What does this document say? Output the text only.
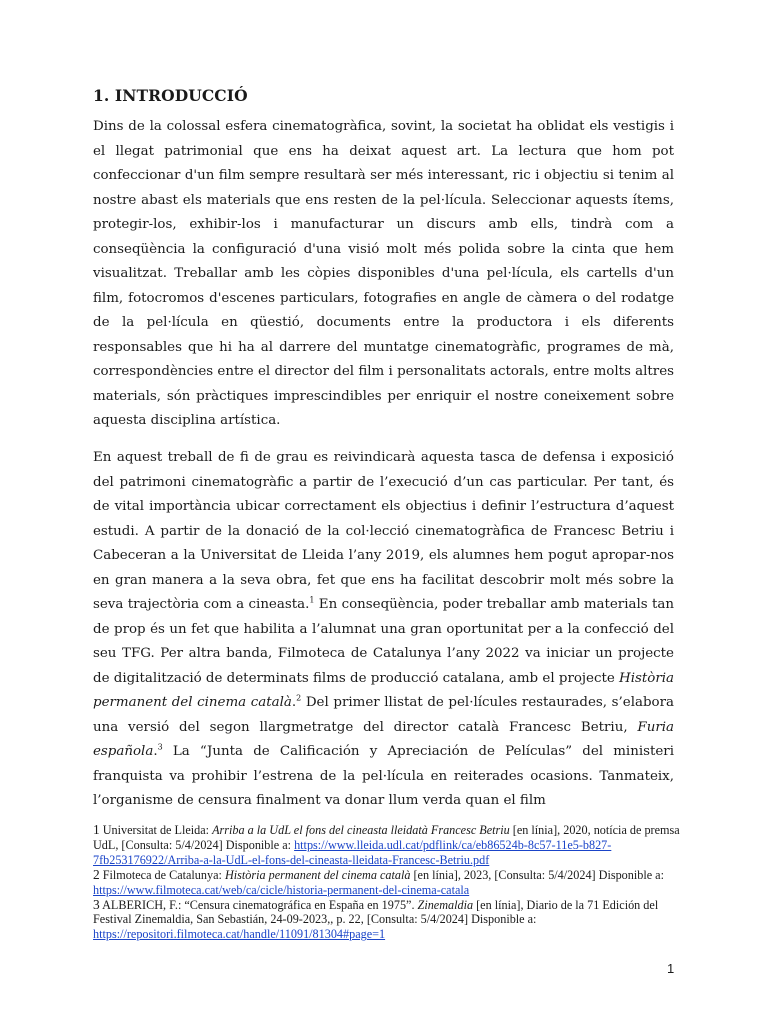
1. INTRODUCCIÓ
Dins de la colossal esfera cinematogràfica, sovint, la societat ha oblidat els vestigis i el llegat patrimonial que ens ha deixat aquest art. La lectura que hom pot confeccionar d'un film sempre resultarà ser més interessant, ric i objectiu si tenim al nostre abast els materials que ens resten de la pel·lícula. Seleccionar aquests ítems, protegir-los, exhibir-los i manufacturar un discurs amb ells, tindrà com a conseqüència la configuració d'una visió molt més polida sobre la cinta que hem visualitzat. Treballar amb les còpies disponibles d'una pel·lícula, els cartells d'un film, fotocromos d'escenes particulars, fotografies en angle de càmera o del rodatge de la pel·lícula en qüestió, documents entre la productora i els diferents responsables que hi ha al darrere del muntatge cinematogràfic, programes de mà, correspondències entre el director del film i personalitats actorals, entre molts altres materials, són pràctiques imprescindibles per enriquir el nostre coneixement sobre aquesta disciplina artística.
En aquest treball de fi de grau es reivindicarà aquesta tasca de defensa i exposició del patrimoni cinematogràfic a partir de l’execució d’un cas particular. Per tant, és de vital importància ubicar correctament els objectius i definir l’estructura d’aquest estudi. A partir de la donació de la col·lecció cinematogràfica de Francesc Betriu i Cabeceran a la Universitat de Lleida l’any 2019, els alumnes hem pogut apropar-nos en gran manera a la seva obra, fet que ens ha facilitat descobrir molt més sobre la seva trajectòria com a cineasta.$^1$ En conseqüència, poder treballar amb materials tan de prop és un fet que habilita a l’alumnat una gran oportunitat per a la confecció del seu TFG. Per altra banda, Filmoteca de Catalunya l’any 2022 va iniciar un projecte de digitalització de determinats films de producció catalana, amb el projecte Història permanent del cinema català.$^2$ Del primer llistat de pel·lícules restaurades, s’elabora una versió del segon llargmetratge del director català Francesc Betriu, Furia española.$^3$ La “Junta de Calificación y Apreciación de Películas” del ministeri franquista va prohibir l’estrena de la pel·lícula en reiterades ocasions. Tanmateix, l’organisme de censura finalment va donar llum verda quan el film
1 Universitat de Lleida: Arriba a la UdL el fons del cineasta lleidatà Francesc Betriu [en línia], 2020, notícia de premsa UdL, [Consulta: 5/4/2024] Disponible a: https://www.lleida.udl.cat/pdflink/ca/eb86524b-8c57-11e5-b827-7fb253176922/Arriba-a-la-UdL-el-fons-del-cineasta-lleidata-Francesc-Betriu.pdf
2 Filmoteca de Catalunya: Història permanent del cinema català [en línia], 2023, [Consulta: 5/4/2024] Disponible a: https://www.filmoteca.cat/web/ca/cicle/historia-permanent-del-cinema-catala
3 ALBERICH, F.: “Censura cinematográfica en España en 1975”. Zinemaldia [en línia], Diario de la 71 Edición del Festival Zinemaldia, San Sebastián, 24-09-2023,, p. 22, [Consulta: 5/4/2024] Disponible a: https://repositori.filmoteca.cat/handle/11091/81304#page=1
1
